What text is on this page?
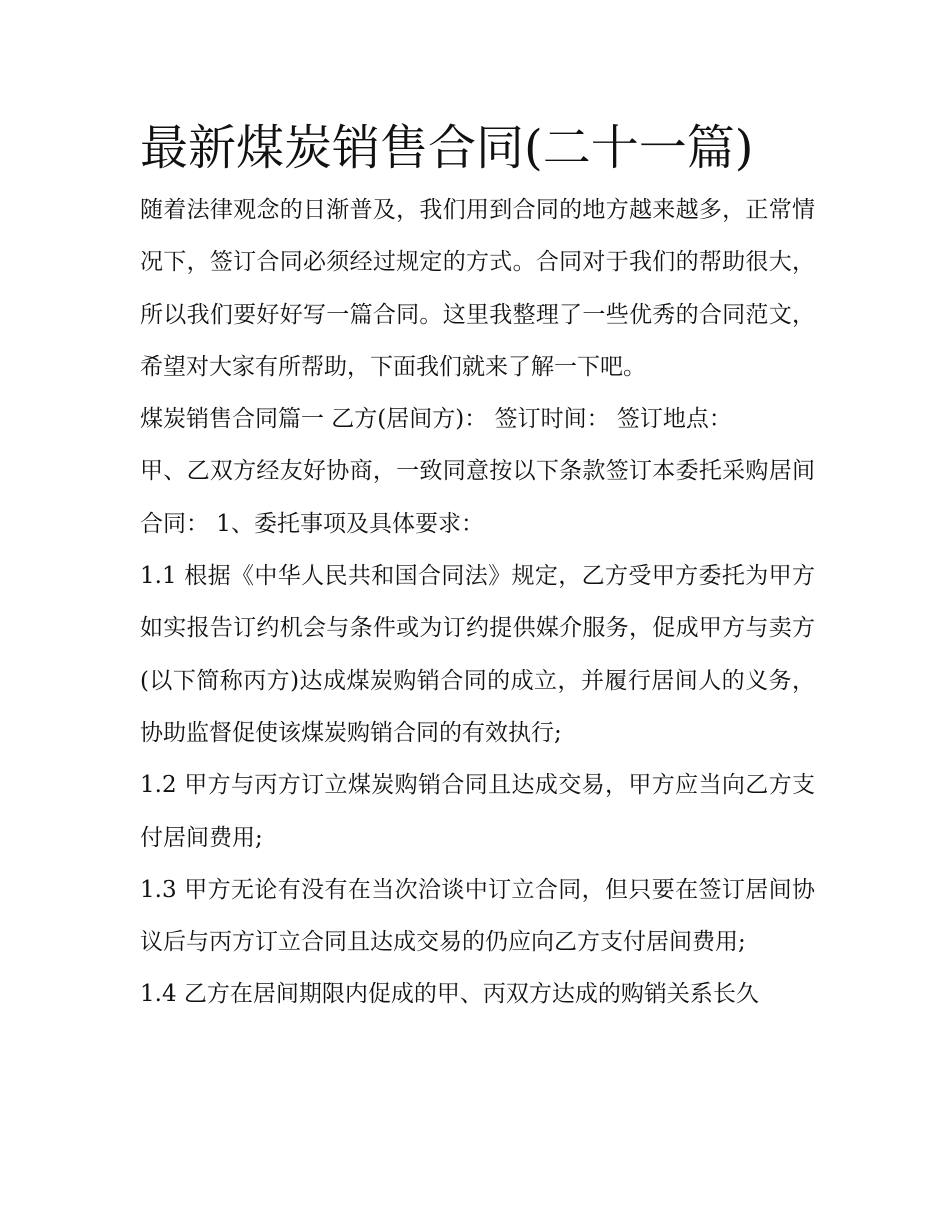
最新煤炭销售合同(二十一篇)

随着法律观念的日渐普及，我们用到合同的地方越来越多，正常情况下，签订合同必须经过规定的方式。合同对于我们的帮助很大，所以我们要好好写一篇合同。这里我整理了一些优秀的合同范文，希望对大家有所帮助，下面我们就来了解一下吧。

煤炭销售合同篇一 乙方(居间方)： 签订时间： 签订地点：

甲、乙双方经友好协商，一致同意按以下条款签订本委托采购居间合同： 1、委托事项及具体要求：

1.1 根据《中华人民共和国合同法》规定，乙方受甲方委托为甲方如实报告订约机会与条件或为订约提供媒介服务，促成甲方与卖方(以下简称丙方)达成煤炭购销合同的成立，并履行居间人的义务，协助监督促使该煤炭购销合同的有效执行;

1.2 甲方与丙方订立煤炭购销合同且达成交易，甲方应当向乙方支付居间费用;

1.3 甲方无论有没有在当次洽谈中订立合同，但只要在签订居间协议后与丙方订立合同且达成交易的仍应向乙方支付居间费用;

1.4 乙方在居间期限内促成的甲、丙双方达成的购销关系长久
